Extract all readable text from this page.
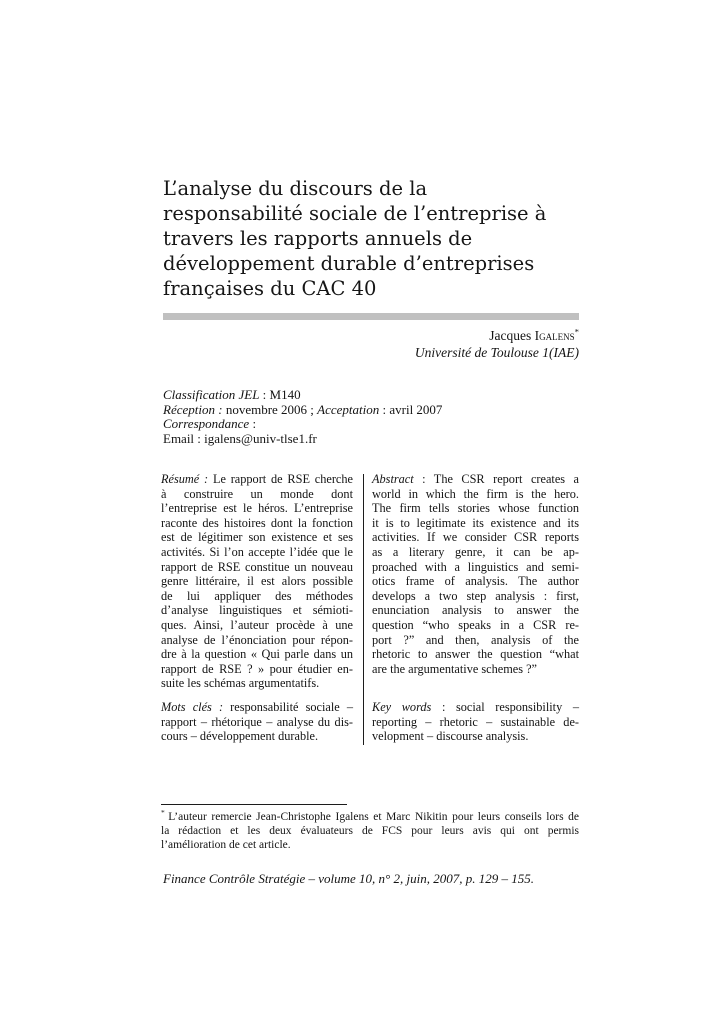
L’analyse du discours de la
responsabilité sociale de l’entreprise à
travers les rapports annuels de
développement durable d’entreprises
françaises du CAC 40
Jacques Igalens*
Université de Toulouse 1(IAE)
Classification JEL : M140
Réception : novembre 2006 ; Acceptation : avril 2007
Correspondance :
Email : igalens@univ-tlse1.fr
Résumé : Le rapport de RSE cherche
à construire un monde dont
l’entreprise est le héros. L’entreprise
raconte des histoires dont la fonction
est de légitimer son existence et ses
activités. Si l’on accepte l’idée que le
rapport de RSE constitue un nouveau
genre littéraire, il est alors possible
de lui appliquer des méthodes
d’analyse linguistiques et sémioti-
ques. Ainsi, l’auteur procède à une
analyse de l’énonciation pour répon-
dre à la question « Qui parle dans un
rapport de RSE ? » pour étudier en-
suite les schémas argumentatifs.
Abstract : The CSR report creates a
world in which the firm is the hero.
The firm tells stories whose function
it is to legitimate its existence and its
activities. If we consider CSR reports
as a literary genre, it can be ap-
proached with a linguistics and semi-
otics frame of analysis. The author
develops a two step analysis : first,
enunciation analysis to answer the
question “who speaks in a CSR re-
port ?” and then, analysis of the
rhetoric to answer the question “what
are the argumentative schemes ?”
Mots clés : responsabilité sociale –
rapport – rhétorique – analyse du dis-
cours – développement durable.
Key words : social responsibility –
reporting – rhetoric – sustainable de-
velopment – discourse analysis.
* L’auteur remercie Jean-Christophe Igalens et Marc Nikitin pour leurs conseils lors de
la rédaction et les deux évaluateurs de FCS pour leurs avis qui ont permis
l’amélioration de cet article.
Finance Contrôle Stratégie – volume 10, n° 2, juin, 2007, p. 129 – 155.
